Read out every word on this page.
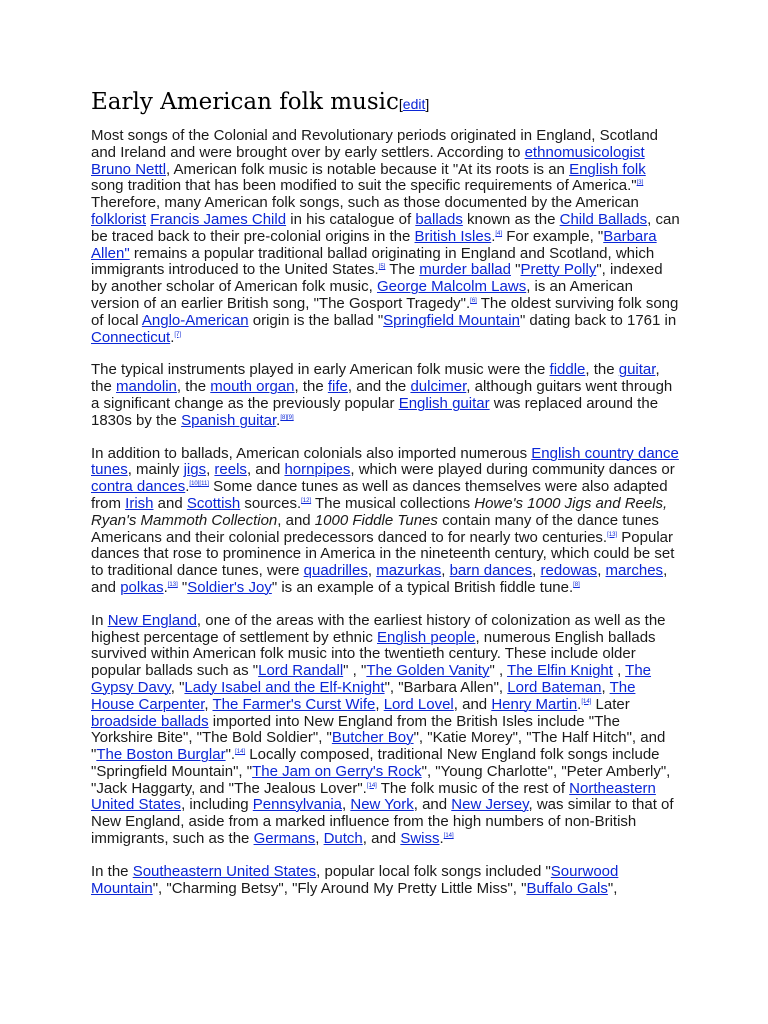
Early American folk music[edit]

Most songs of the Colonial and Revolutionary periods originated in England, Scotland and Ireland and were brought over by early settlers. According to ethnomusicologist Bruno Nettl, American folk music is notable because it "At its roots is an English folk song tradition that has been modified to suit the specific requirements of America."[3] Therefore, many American folk songs, such as those documented by the American folklorist Francis James Child in his catalogue of ballads known as the Child Ballads, can be traced back to their pre-colonial origins in the British Isles.[4] For example, "Barbara Allen" remains a popular traditional ballad originating in England and Scotland, which immigrants introduced to the United States.[5] The murder ballad "Pretty Polly", indexed by another scholar of American folk music, George Malcolm Laws, is an American version of an earlier British song, "The Gosport Tragedy".[6] The oldest surviving folk song of local Anglo-American origin is the ballad "Springfield Mountain" dating back to 1761 in Connecticut.[7]

The typical instruments played in early American folk music were the fiddle, the guitar, the mandolin, the mouth organ, the fife, and the dulcimer, although guitars went through a significant change as the previously popular English guitar was replaced around the 1830s by the Spanish guitar.[8][9]

In addition to ballads, American colonials also imported numerous English country dance tunes, mainly jigs, reels, and hornpipes, which were played during community dances or contra dances.[10][11] Some dance tunes as well as dances themselves were also adapted from Irish and Scottish sources.[12] The musical collections Howe's 1000 Jigs and Reels, Ryan's Mammoth Collection, and 1000 Fiddle Tunes contain many of the dance tunes Americans and their colonial predecessors danced to for nearly two centuries.[13] Popular dances that rose to prominence in America in the nineteenth century, which could be set to traditional dance tunes, were quadrilles, mazurkas, barn dances, redowas, marches, and polkas.[13] "Soldier's Joy" is an example of a typical British fiddle tune.[8]

In New England, one of the areas with the earliest history of colonization as well as the highest percentage of settlement by ethnic English people, numerous English ballads survived within American folk music into the twentieth century. These include older popular ballads such as "Lord Randall" , "The Golden Vanity" , The Elfin Knight , The Gypsy Davy, "Lady Isabel and the Elf-Knight", "Barbara Allen", Lord Bateman, The House Carpenter, The Farmer's Curst Wife, Lord Lovel, and Henry Martin.[14] Later broadside ballads imported into New England from the British Isles include "The Yorkshire Bite", "The Bold Soldier", "Butcher Boy", "Katie Morey", "The Half Hitch", and "The Boston Burglar".[14] Locally composed, traditional New England folk songs include "Springfield Mountain", "The Jam on Gerry's Rock", "Young Charlotte", "Peter Amberly", "Jack Haggarty, and "The Jealous Lover".[14] The folk music of the rest of Northeastern United States, including Pennsylvania, New York, and New Jersey, was similar to that of New England, aside from a marked influence from the high numbers of non-British immigrants, such as the Germans, Dutch, and Swiss.[14]

In the Southeastern United States, popular local folk songs included "Sourwood Mountain", "Charming Betsy", "Fly Around My Pretty Little Miss", "Buffalo Gals",
